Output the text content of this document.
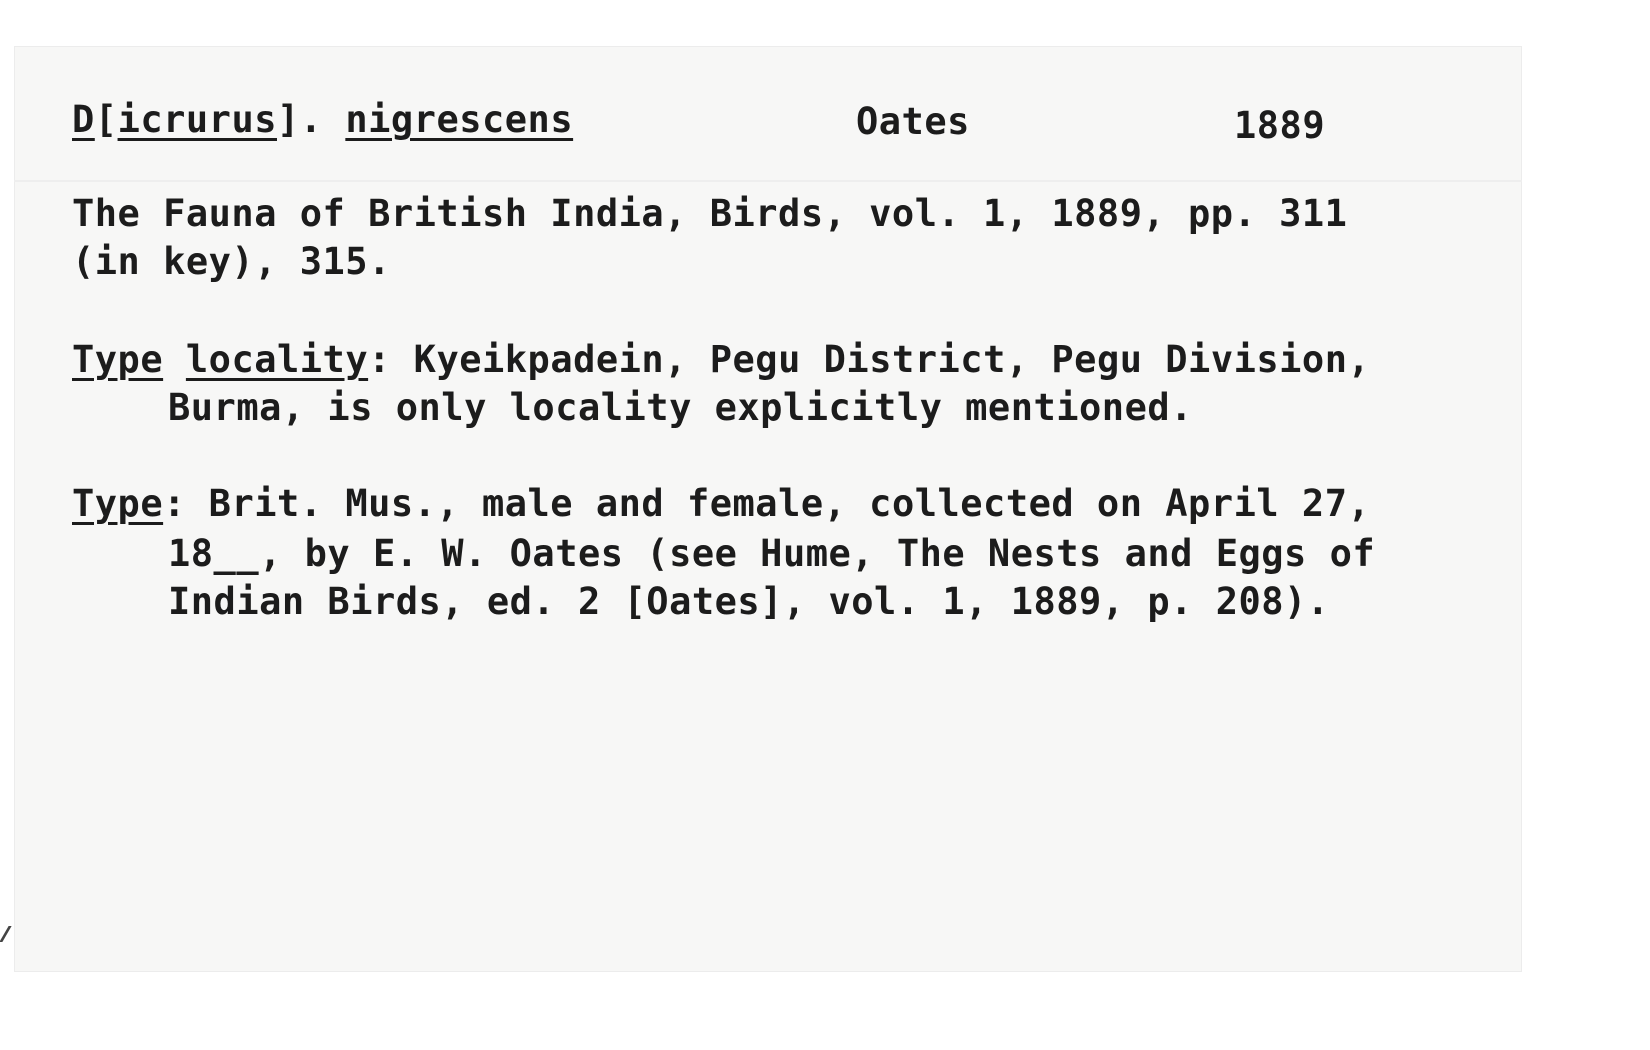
D[icrurus]. nigrescens	Oates	1889
The Fauna of British India, Birds, vol. 1, 1889, pp. 311
(in key), 315.
Type locality: Kyeikpadein, Pegu District, Pegu Division,
Burma, is only locality explicitly mentioned.
Type: Brit. Mus., male and female, collected on April 27,
18__, by E. W. Oates (see Hume, The Nests and Eggs of
Indian Birds, ed. 2 [Oates], vol. 1, 1889, p. 208).
